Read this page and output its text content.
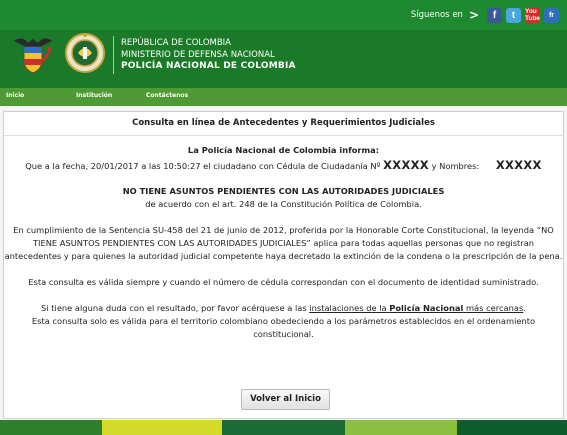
Síguenos en >	f	t	You Tube	fr
REPÚBLICA DE COLOMBIA
MINISTERIO DE DEFENSA NACIONAL
POLICÍA NACIONAL DE COLOMBIA
Inicio	Institución	Contáctenos
Consulta en línea de Antecedentes y Requerimientos Judiciales
La Policía Nacional de Colombia informa:
Que a la fecha, 20/01/2017 a las 10:50:27 el ciudadano con Cédula de Ciudadanía Nº XXXXX y Nombres: XXXXX
NO TIENE ASUNTOS PENDIENTES CON LAS AUTORIDADES JUDICIALES
de acuerdo con el art. 248 de la Constitución Política de Colombia.
En cumplimiento de la Sentencia SU-458 del 21 de junio de 2012, proferida por la Honorable Corte Constitucional, la leyenda “NO
TIENE ASUNTOS PENDIENTES CON LAS AUTORIDADES JUDICIALES” aplica para todas aquellas personas que no registran
antecedentes y para quienes la autoridad judicial competente haya decretado la extinción de la condena o la prescripción de la pena.
Esta consulta es válida siempre y cuando el número de cédula correspondan con el documento de identidad suministrado.
Si tiene alguna duda con el resultado, por favor acérquese a las instalaciones de la Policía Nacional más cercanas.
Esta consulta solo es válida para el territorio colombiano obedeciendo a los parámetros establecidos en el ordenamiento
constitucional.
Volver al Inicio
